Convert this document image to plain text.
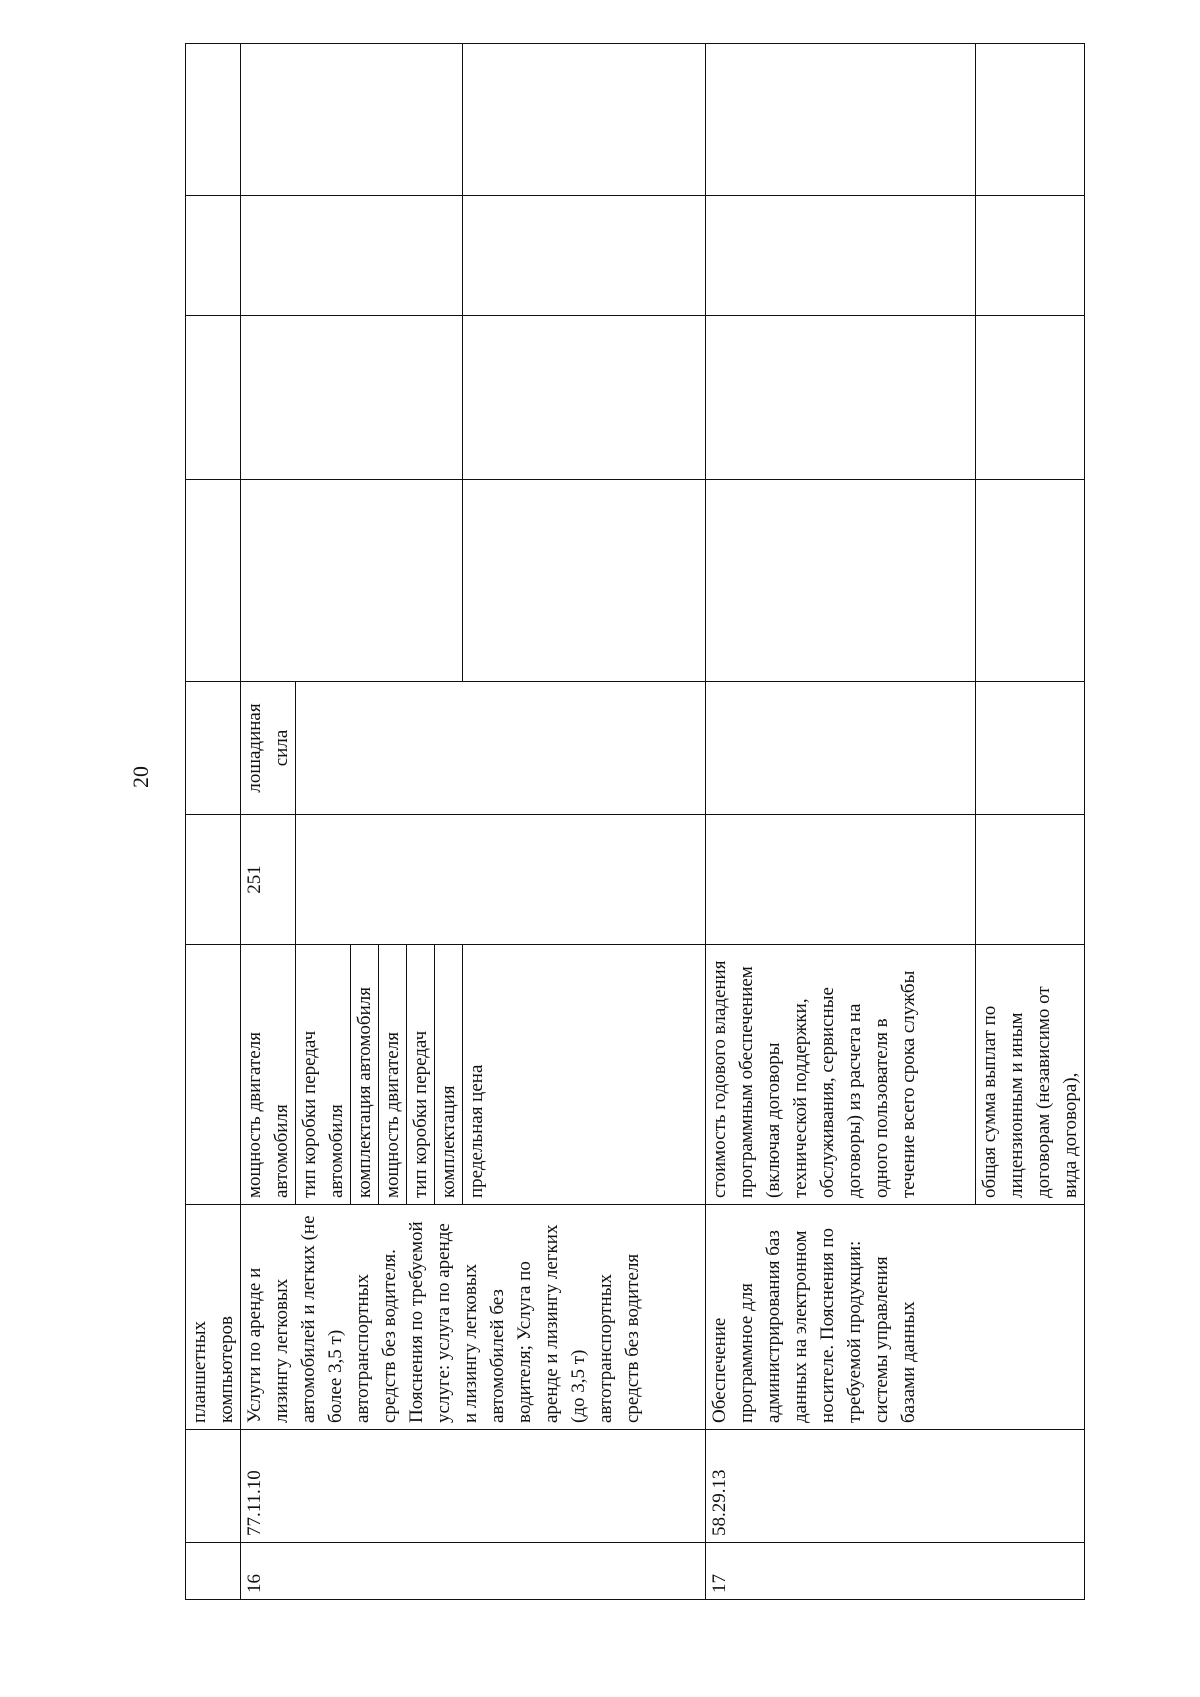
20
		планшетных компьютеров							
16	77.11.10	Услуги по аренде и лизингу легковых автомобилей и легких (не более 3,5 т) автотранспортных средств без водителя. Пояснения по требуемой услуге: услуга по аренде и лизингу легковых автомобилей без водителя; Услуга по аренде и лизингу легких (до 3,5 т) автотранспортных средств без водителя	мощность двигателя автомобиля	251	лошадиная сила				
			тип коробки передач автомобиля						
			комплектация автомобиля						
			мощность двигателя						
			тип коробки передач						
			комплектация						
			предельная цена						
17	58.29.13	Обеспечение программное для администрирования баз данных на электронном носителе. Пояснения по требуемой продукции: системы управления базами данных	стоимость годового владения программным обеспечением (включая договоры технической поддержки, обслуживания, сервисные договоры) из расчета на одного пользователя в течение всего срока службы						
			общая сумма выплат по лицензионным и иным договорам (независимо от вида договора),						
